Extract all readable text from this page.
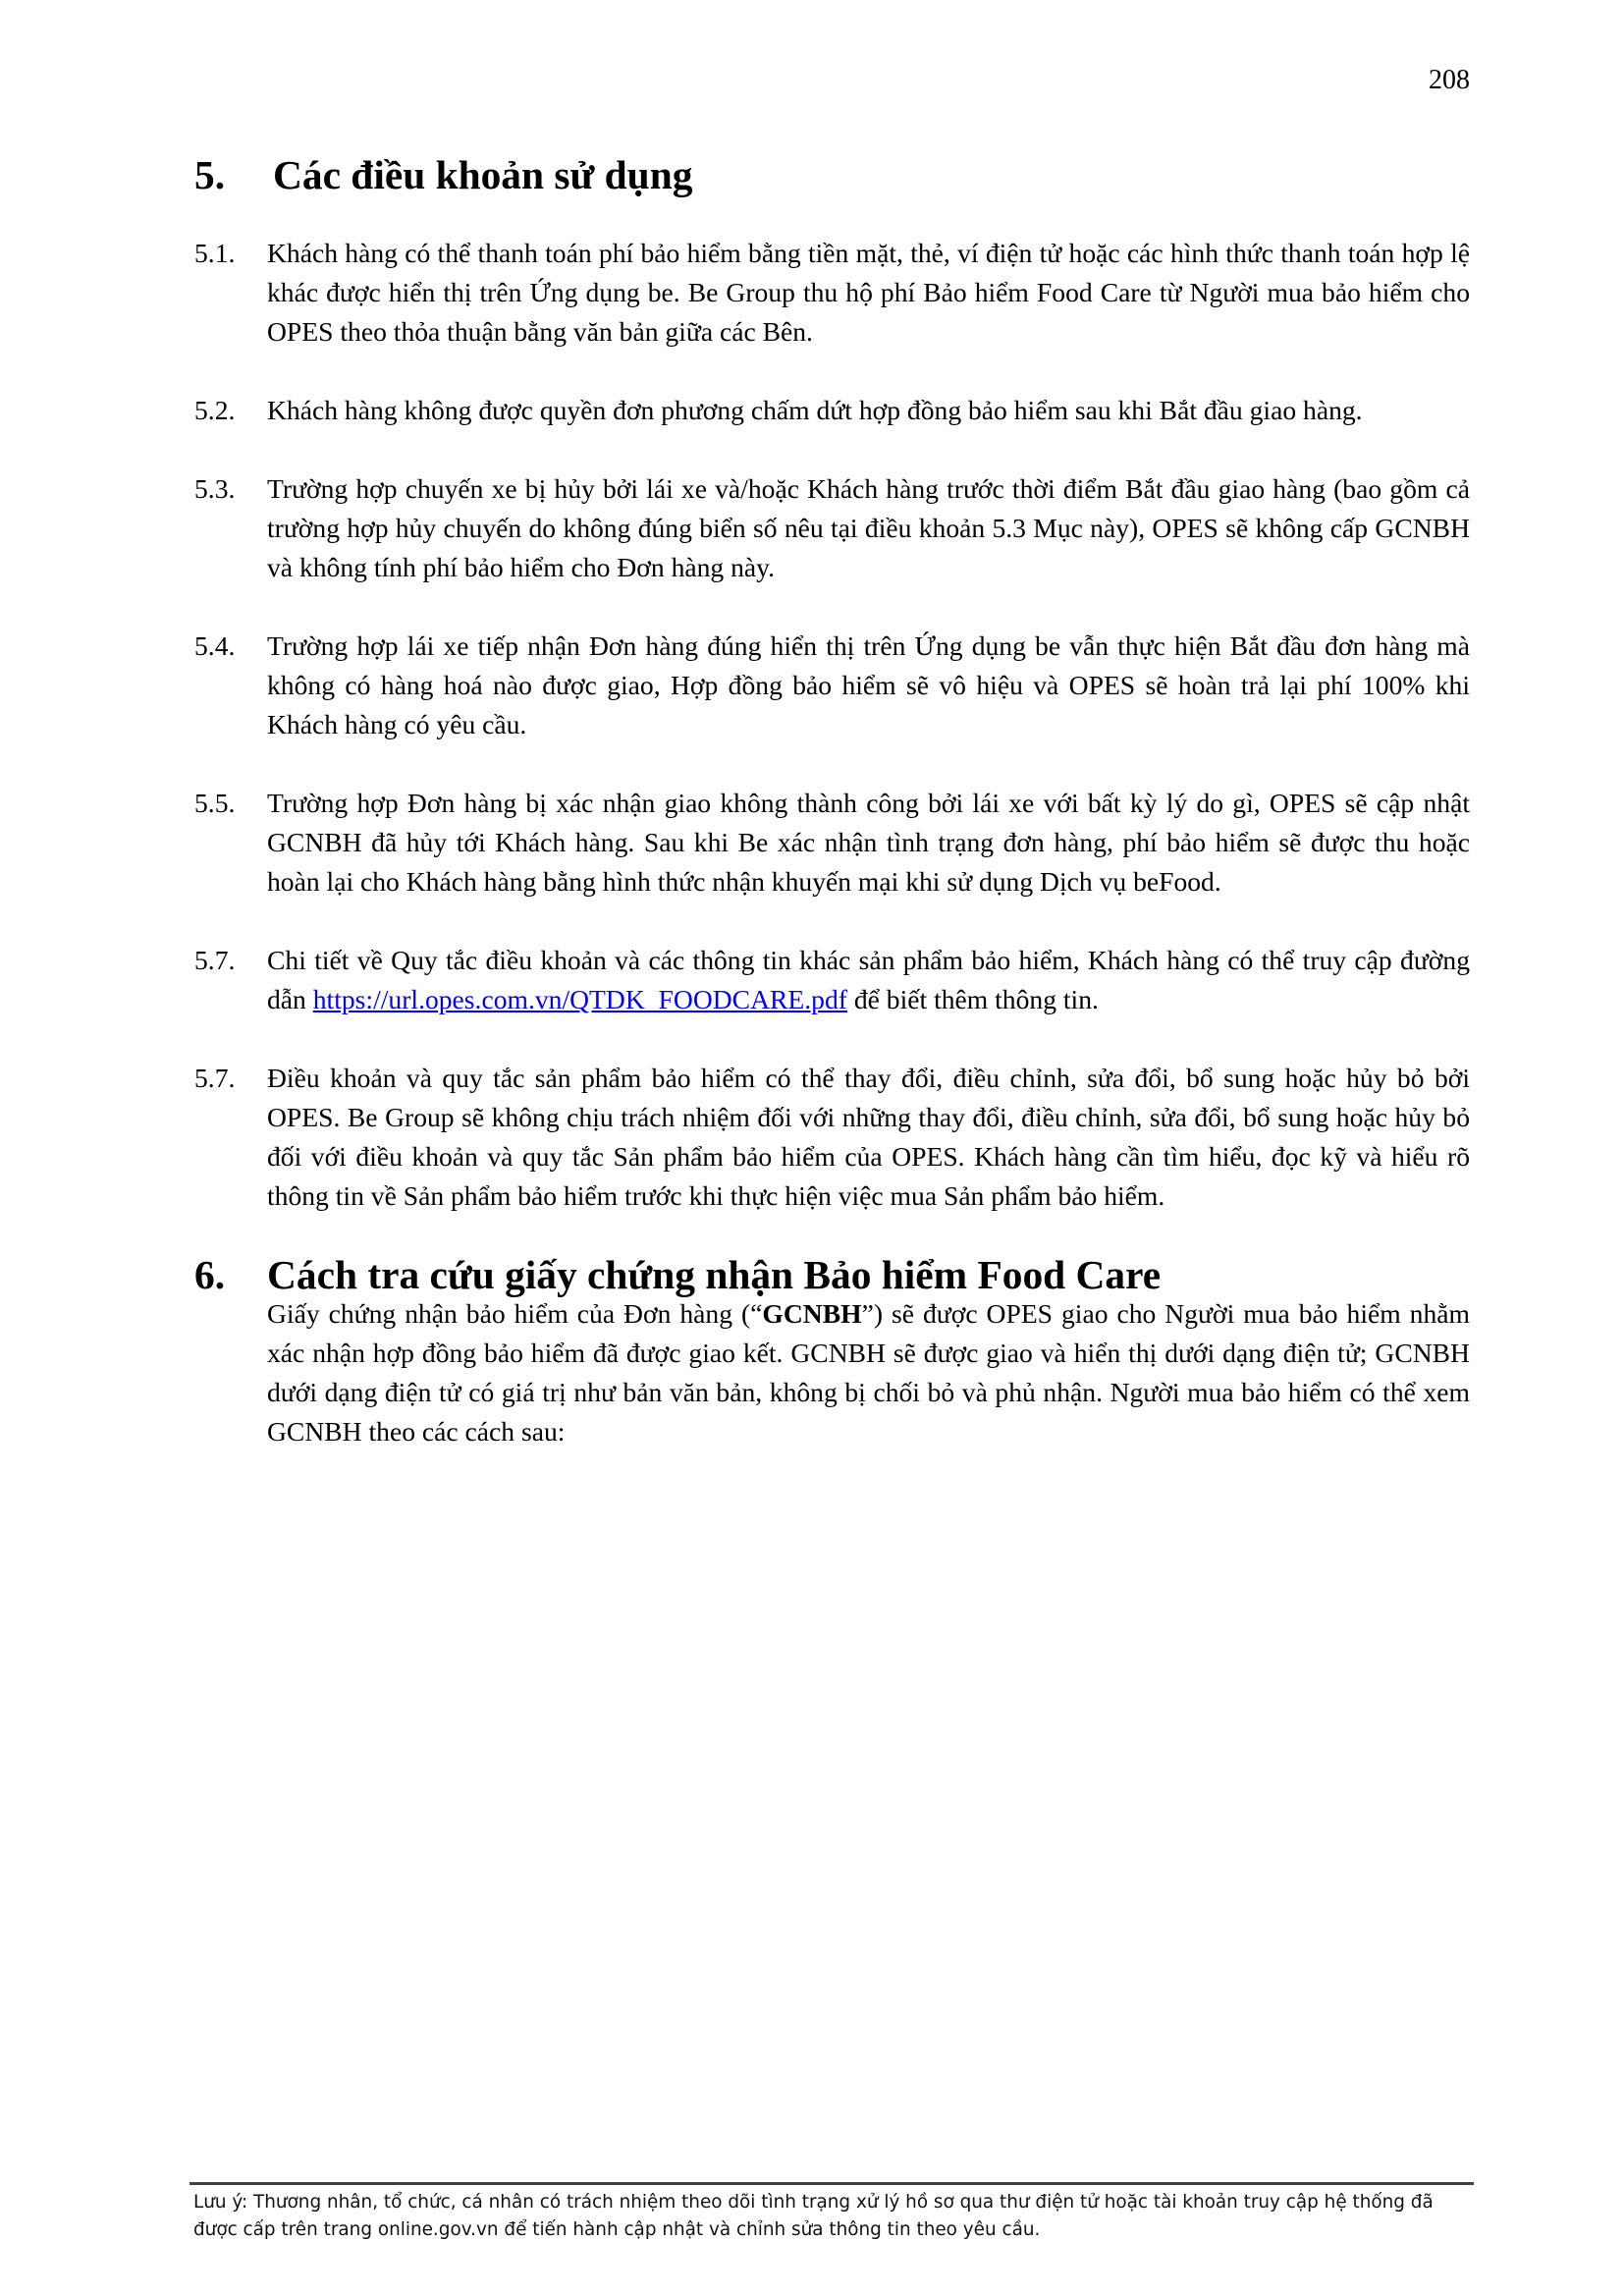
208
5.	Các điều khoản sử dụng
5.1.	Khách hàng có thể thanh toán phí bảo hiểm bằng tiền mặt, thẻ, ví điện tử hoặc các hình thức thanh toán hợp lệ khác được hiển thị trên Ứng dụng be. Be Group thu hộ phí Bảo hiểm Food Care từ Người mua bảo hiểm cho OPES theo thỏa thuận bằng văn bản giữa các Bên.
5.2.	Khách hàng không được quyền đơn phương chấm dứt hợp đồng bảo hiểm sau khi Bắt đầu giao hàng.
5.3.	Trường hợp chuyến xe bị hủy bởi lái xe và/hoặc Khách hàng trước thời điểm Bắt đầu giao hàng (bao gồm cả trường hợp hủy chuyến do không đúng biển số nêu tại điều khoản 5.3 Mục này), OPES sẽ không cấp GCNBH và không tính phí bảo hiểm cho Đơn hàng này.
5.4.	Trường hợp lái xe tiếp nhận Đơn hàng đúng hiển thị trên Ứng dụng be vẫn thực hiện Bắt đầu đơn hàng mà không có hàng hoá nào được giao, Hợp đồng bảo hiểm sẽ vô hiệu và OPES sẽ hoàn trả lại phí 100% khi Khách hàng có yêu cầu.
5.5.	Trường hợp Đơn hàng bị xác nhận giao không thành công bởi lái xe với bất kỳ lý do gì, OPES sẽ cập nhật GCNBH đã hủy tới Khách hàng. Sau khi Be xác nhận tình trạng đơn hàng, phí bảo hiểm sẽ được thu hoặc hoàn lại cho Khách hàng bằng hình thức nhận khuyến mại khi sử dụng Dịch vụ beFood.
5.7.	Chi tiết về Quy tắc điều khoản và các thông tin khác sản phẩm bảo hiểm, Khách hàng có thể truy cập đường dẫn https://url.opes.com.vn/QTDK_FOODCARE.pdf để biết thêm thông tin.
5.7.	Điều khoản và quy tắc sản phẩm bảo hiểm có thể thay đổi, điều chỉnh, sửa đổi, bổ sung hoặc hủy bỏ bởi OPES. Be Group sẽ không chịu trách nhiệm đối với những thay đổi, điều chỉnh, sửa đổi, bổ sung hoặc hủy bỏ đối với điều khoản và quy tắc Sản phẩm bảo hiểm của OPES. Khách hàng cần tìm hiểu, đọc kỹ và hiểu rõ thông tin về Sản phẩm bảo hiểm trước khi thực hiện việc mua Sản phẩm bảo hiểm.
6.	Cách tra cứu giấy chứng nhận Bảo hiểm Food Care
Giấy chứng nhận bảo hiểm của Đơn hàng (“GCNBH”) sẽ được OPES giao cho Người mua bảo hiểm nhằm xác nhận hợp đồng bảo hiểm đã được giao kết. GCNBH sẽ được giao và hiển thị dưới dạng điện tử; GCNBH dưới dạng điện tử có giá trị như bản văn bản, không bị chối bỏ và phủ nhận. Người mua bảo hiểm có thể xem GCNBH theo các cách sau:
Lưu ý: Thương nhân, tổ chức, cá nhân có trách nhiệm theo dõi tình trạng xử lý hồ sơ qua thư điện tử hoặc tài khoản truy cập hệ thống đã được cấp trên trang online.gov.vn để tiến hành cập nhật và chỉnh sửa thông tin theo yêu cầu.
